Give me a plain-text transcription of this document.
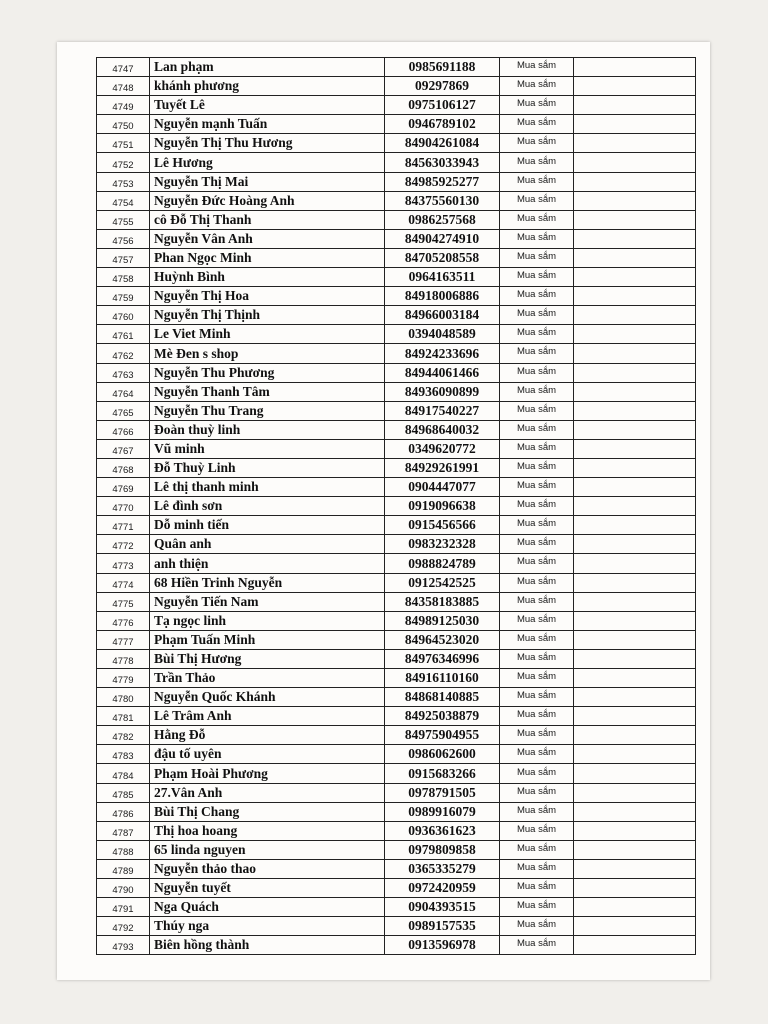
4747	Lan phạm	0985691188	Mua sắm
4748	khánh phương	09297869	Mua sắm
4749	Tuyết Lê	0975106127	Mua sắm
4750	Nguyễn mạnh Tuấn	0946789102	Mua sắm
4751	Nguyễn Thị Thu Hương	84904261084	Mua sắm
4752	Lê Hương	84563033943	Mua sắm
4753	Nguyễn Thị Mai	84985925277	Mua sắm
4754	Nguyễn Đức Hoàng Anh	84375560130	Mua sắm
4755	cô Đỗ Thị Thanh	0986257568	Mua sắm
4756	Nguyễn Vân Anh	84904274910	Mua sắm
4757	Phan Ngọc Minh	84705208558	Mua sắm
4758	Huỳnh Bình	0964163511	Mua sắm
4759	Nguyễn Thị Hoa	84918006886	Mua sắm
4760	Nguyễn Thị Thịnh	84966003184	Mua sắm
4761	Le Viet Minh	0394048589	Mua sắm
4762	Mè Đen s shop	84924233696	Mua sắm
4763	Nguyễn Thu Phương	84944061466	Mua sắm
4764	Nguyễn Thanh Tâm	84936090899	Mua sắm
4765	Nguyễn Thu Trang	84917540227	Mua sắm
4766	Đoàn thuỳ linh	84968640032	Mua sắm
4767	Vũ minh	0349620772	Mua sắm
4768	Đỗ Thuỳ Linh	84929261991	Mua sắm
4769	Lê thị thanh minh	0904447077	Mua sắm
4770	Lê đình sơn	0919096638	Mua sắm
4771	Dỗ minh tiến	0915456566	Mua sắm
4772	Quân anh	0983232328	Mua sắm
4773	anh thiện	0988824789	Mua sắm
4774	68 Hiền Trinh Nguyễn	0912542525	Mua sắm
4775	Nguyễn Tiến Nam	84358183885	Mua sắm
4776	Tạ ngọc linh	84989125030	Mua sắm
4777	Phạm Tuấn Minh	84964523020	Mua sắm
4778	Bùi Thị Hương	84976346996	Mua sắm
4779	Trần Thảo	84916110160	Mua sắm
4780	Nguyễn Quốc Khánh	84868140885	Mua sắm
4781	Lê Trâm Anh	84925038879	Mua sắm
4782	Hằng Đỗ	84975904955	Mua sắm
4783	đậu tố uyên	0986062600	Mua sắm
4784	Phạm Hoài Phương	0915683266	Mua sắm
4785	27.Vân Anh	0978791505	Mua sắm
4786	Bùi Thị Chang	0989916079	Mua sắm
4787	Thị hoa hoang	0936361623	Mua sắm
4788	65 linda nguyen	0979809858	Mua sắm
4789	Nguyễn thảo thao	0365335279	Mua sắm
4790	Nguyễn tuyết	0972420959	Mua sắm
4791	Nga Quách	0904393515	Mua sắm
4792	Thúy nga	0989157535	Mua sắm
4793	Biên hồng thành	0913596978	Mua sắm
